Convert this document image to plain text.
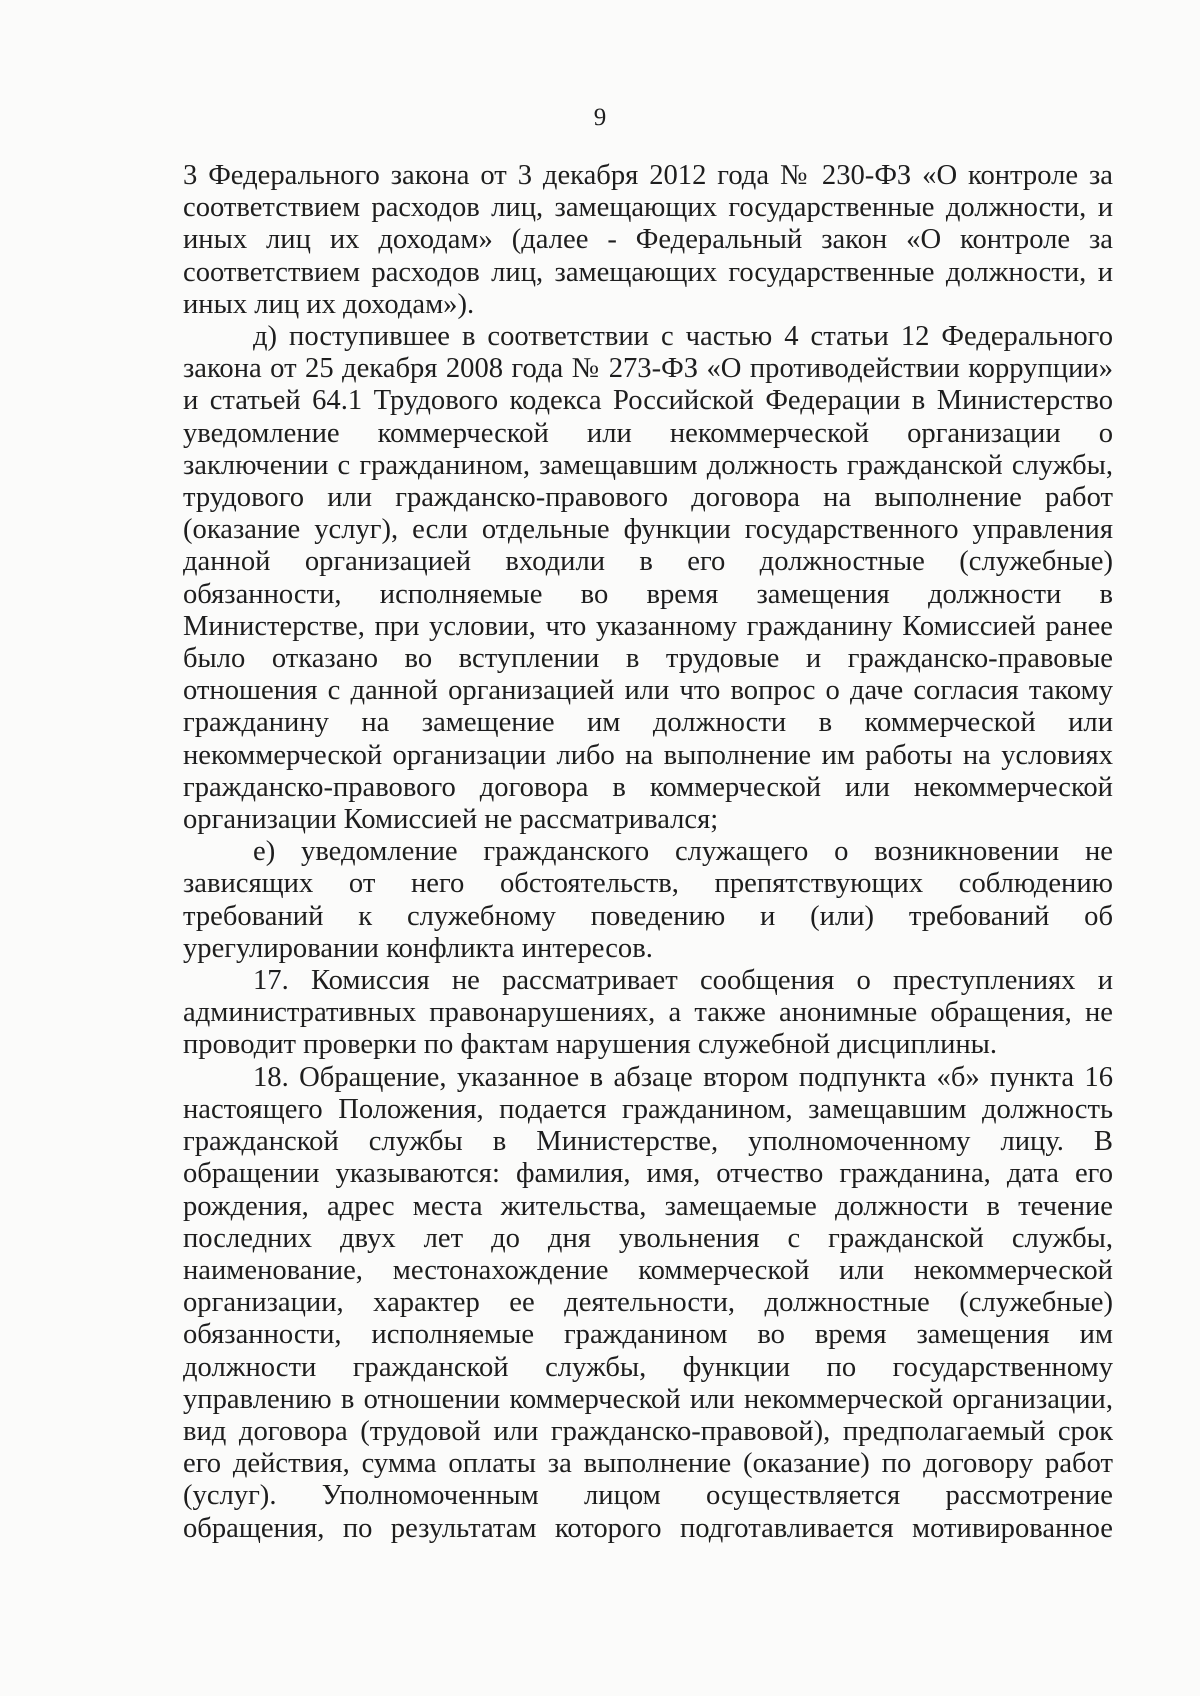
9
3 Федерального закона от 3 декабря 2012 года № 230-ФЗ «О контроле за
соответствием расходов лиц, замещающих государственные должности, и
иных лиц их доходам» (далее - Федеральный закон «О контроле за
соответствием расходов лиц, замещающих государственные должности, и
иных лиц их доходам»).
д) поступившее в соответствии с частью 4 статьи 12 Федерального
закона от 25 декабря 2008 года № 273-ФЗ «О противодействии коррупции»
и статьей 64.1 Трудового кодекса Российской Федерации в Министерство
уведомление коммерческой или некоммерческой организации о
заключении с гражданином, замещавшим должность гражданской службы,
трудового или гражданско-правового договора на выполнение работ
(оказание услуг), если отдельные функции государственного управления
данной организацией входили в его должностные (служебные)
обязанности, исполняемые во время замещения должности в
Министерстве, при условии, что указанному гражданину Комиссией ранее
было отказано во вступлении в трудовые и гражданско-правовые
отношения с данной организацией или что вопрос о даче согласия такому
гражданину на замещение им должности в коммерческой или
некоммерческой организации либо на выполнение им работы на условиях
гражданско-правового договора в коммерческой или некоммерческой
организации Комиссией не рассматривался;
е) уведомление гражданского служащего о возникновении не
зависящих от него обстоятельств, препятствующих соблюдению
требований к служебному поведению и (или) требований об
урегулировании конфликта интересов.
17. Комиссия не рассматривает сообщения о преступлениях и
административных правонарушениях, а также анонимные обращения, не
проводит проверки по фактам нарушения служебной дисциплины.
18. Обращение, указанное в абзаце втором подпункта «б» пункта 16
настоящего Положения, подается гражданином, замещавшим должность
гражданской службы в Министерстве, уполномоченному лицу. В
обращении указываются: фамилия, имя, отчество гражданина, дата его
рождения, адрес места жительства, замещаемые должности в течение
последних двух лет до дня увольнения с гражданской службы,
наименование, местонахождение коммерческой или некоммерческой
организации, характер ее деятельности, должностные (служебные)
обязанности, исполняемые гражданином во время замещения им
должности гражданской службы, функции по государственному
управлению в отношении коммерческой или некоммерческой организации,
вид договора (трудовой или гражданско-правовой), предполагаемый срок
его действия, сумма оплаты за выполнение (оказание) по договору работ
(услуг). Уполномоченным лицом осуществляется рассмотрение
обращения, по результатам которого подготавливается мотивированное
